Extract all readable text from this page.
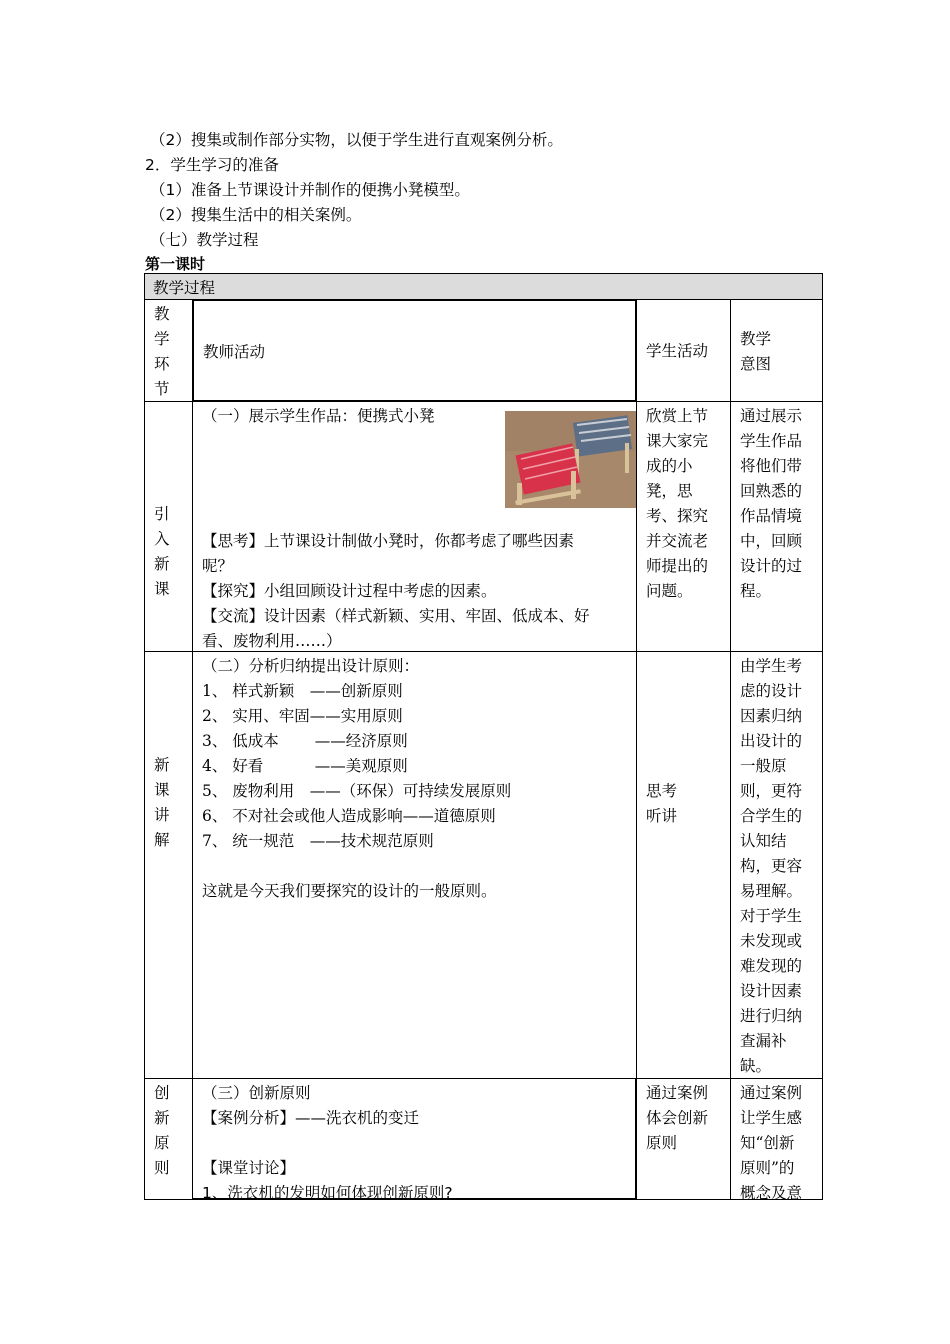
（2）搜集或制作部分实物，以便于学生进行直观案例分析。
2．学生学习的准备
（1）准备上节课设计并制作的便携小凳模型。
（2）搜集生活中的相关案例。
（七）教学过程
第一课时
教学过程
教
学
环
节
教师活动	学生活动
教学
意图
引
入
新
课

（一）展示学生作品：便携式小凳

【思考】上节课设计制做小凳时，你都考虑了哪些因素

呢？

【探究】小组回顾设计过程中考虑的因素。

【交流】设计因素（样式新颖、实用、牢固、低成本、好

看、废物利用……）

欣赏上节
课大家完
成的小
凳，思
考、探究
并交流老
师提出的
问题。
通过展示
学生作品
将他们带
回熟悉的
作品情境
中，回顾
设计的过
程。
新
课
讲
解

（二）分析归纳提出设计原则：

1、 样式新颖　——创新原则

2、 实用、牢固——实用原则

3、 低成本　　 ——经济原则

4、 好看　　　 ——美观原则

5、 废物利用　——（环保）可持续发展原则

6、 不对社会或他人造成影响——道德原则

7、 统一规范　——技术规范原则

这就是今天我们要探究的设计的一般原则。

思考
听讲
由学生考
虑的设计
因素归纳
出设计的
一般原
则，更符
合学生的
认知结
构，更容
易理解。
对于学生
未发现或
难发现的
设计因素
进行归纳
查漏补
缺。
创
新
原
则

（三）创新原则

【案例分析】——洗衣机的变迁

【课堂讨论】

1、洗衣机的发明如何体现创新原则?

通过案例
体会创新
原则
通过案例
让学生感
知“创新
原则”的
概念及意
